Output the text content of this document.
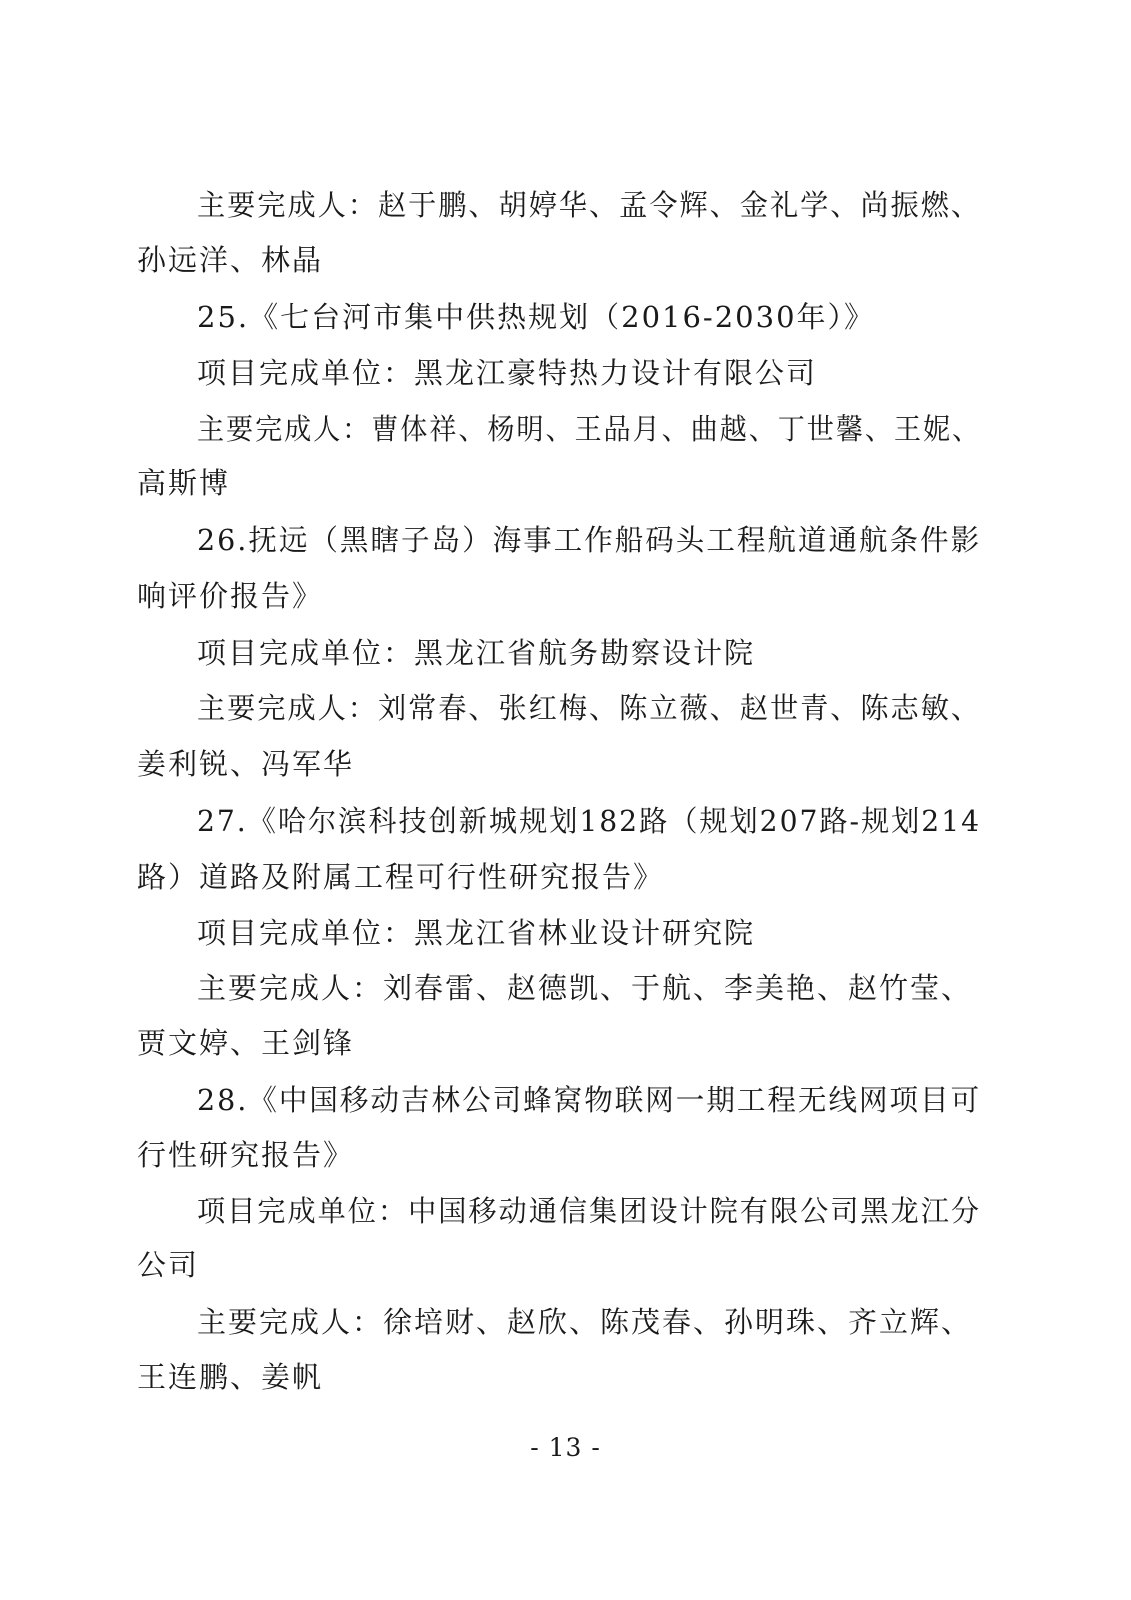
主要完成人：赵于鹏、胡婷华、孟令辉、金礼学、尚振燃、
孙远洋、林晶
25.《七台河市集中供热规划（2016-2030年）》
项目完成单位：黑龙江豪特热力设计有限公司
主要完成人：曹体祥、杨明、王品月、曲越、丁世馨、王妮、
高斯博
26.抚远（黑瞎子岛）海事工作船码头工程航道通航条件影
响评价报告》
项目完成单位：黑龙江省航务勘察设计院
主要完成人：刘常春、张红梅、陈立薇、赵世青、陈志敏、
姜利锐、冯军华
27.《哈尔滨科技创新城规划182路（规划207路-规划214
路）道路及附属工程可行性研究报告》
项目完成单位：黑龙江省林业设计研究院
主要完成人：刘春雷、赵德凯、于航、李美艳、赵竹莹、
贾文婷、王剑锋
28.《中国移动吉林公司蜂窝物联网一期工程无线网项目可
行性研究报告》
项目完成单位：中国移动通信集团设计院有限公司黑龙江分
公司
主要完成人：徐培财、赵欣、陈茂春、孙明珠、齐立辉、
王连鹏、姜帆
- 13 -
